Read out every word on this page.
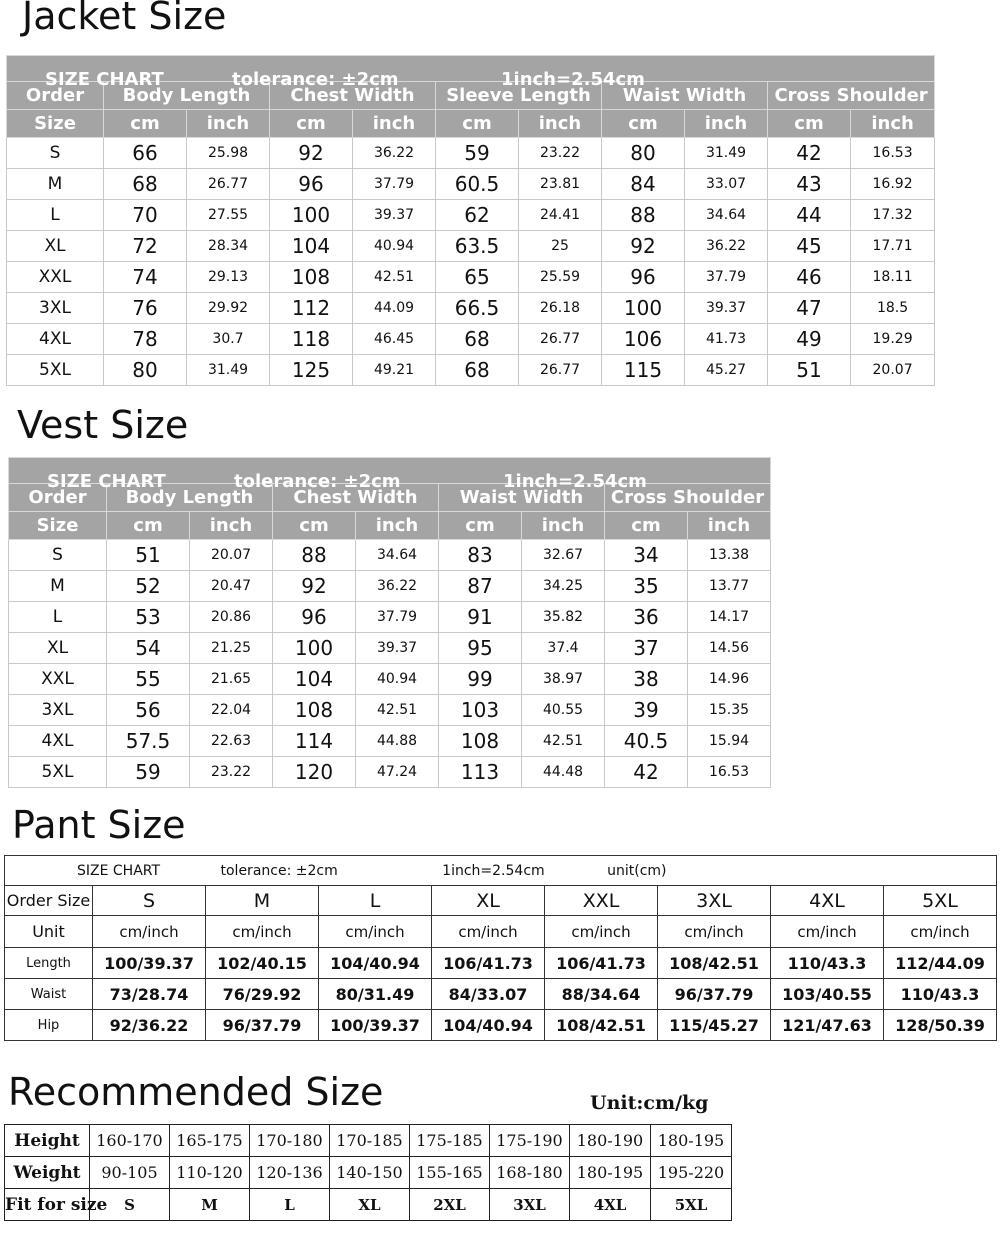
Jacket Size
SIZE CHART tolerance: ±2cm 1inch=2.54cm										

Order	Body Length		Chest Width		Sleeve Length		Waist Width		Cross Shoulder	
Size	cm	inch	cm	inch	cm	inch	cm	inch	cm	inch
S	66	25.98	92	36.22	59	23.22	80	31.49	42	16.53
M	68	26.77	96	37.79	60.5	23.81	84	33.07	43	16.92
L	70	27.55	100	39.37	62	24.41	88	34.64	44	17.32
XL	72	28.34	104	40.94	63.5	25	92	36.22	45	17.71
XXL	74	29.13	108	42.51	65	25.59	96	37.79	46	18.11
3XL	76	29.92	112	44.09	66.5	26.18	100	39.37	47	18.5
4XL	78	30.7	118	46.45	68	26.77	106	41.73	49	19.29
5XL	80	31.49	125	49.21	68	26.77	115	45.27	51	20.07
Vest Size
SIZE CHART tolerance: ±2cm 1inch=2.54cm								

Order	Body Length		Chest Width		Waist Width		Cross Shoulder	
Size	cm	inch	cm	inch	cm	inch	cm	inch
S	51	20.07	88	34.64	83	32.67	34	13.38
M	52	20.47	92	36.22	87	34.25	35	13.77
L	53	20.86	96	37.79	91	35.82	36	14.17
XL	54	21.25	100	39.37	95	37.4	37	14.56
XXL	55	21.65	104	40.94	99	38.97	38	14.96
3XL	56	22.04	108	42.51	103	40.55	39	15.35
4XL	57.5	22.63	114	44.88	108	42.51	40.5	15.94
5XL	59	23.22	120	47.24	113	44.48	42	16.53
Pant Size
SIZE CHART tolerance: ±2cm 1inch=2.54cm unit(cm)								
Order Size	S	M	L	XL	XXL	3XL	4XL	5XL
Unit	cm/inch	cm/inch	cm/inch	cm/inch	cm/inch	cm/inch	cm/inch	cm/inch
Length	100/39.37	102/40.15	104/40.94	106/41.73	106/41.73	108/42.51	110/43.3	112/44.09
Waist	73/28.74	76/29.92	80/31.49	84/33.07	88/34.64	96/37.79	103/40.55	110/43.3
Hip	92/36.22	96/37.79	100/39.37	104/40.94	108/42.51	115/45.27	121/47.63	128/50.39
Recommended Size	Unit:cm/kg
Height	160-170	165-175	170-180	170-185	175-185	175-190	180-190	180-195
Weight	90-105	110-120	120-136	140-150	155-165	168-180	180-195	195-220
Fit for size	S	M	L	XL	2XL	3XL	4XL	5XL
